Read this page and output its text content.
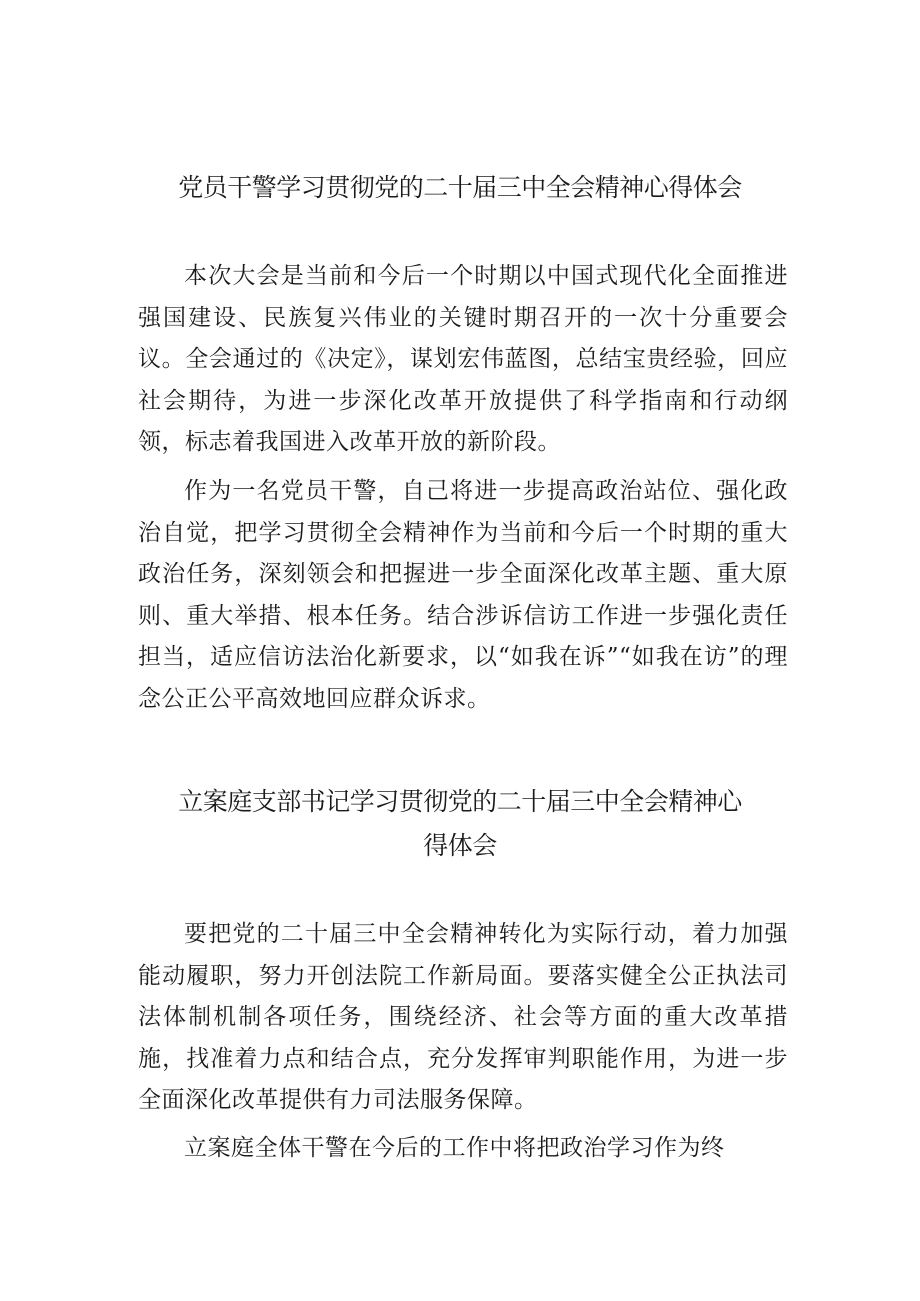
党员干警学习贯彻党的二十届三中全会精神心得体会

本次大会是当前和今后一个时期以中国式现代化全面推进强国建设、民族复兴伟业的关键时期召开的一次十分重要会议。全会通过的《决定》，谋划宏伟蓝图，总结宝贵经验，回应社会期待，为进一步深化改革开放提供了科学指南和行动纲领，标志着我国进入改革开放的新阶段。

作为一名党员干警，自己将进一步提高政治站位、强化政治自觉，把学习贯彻全会精神作为当前和今后一个时期的重大政治任务，深刻领会和把握进一步全面深化改革主题、重大原则、重大举措、根本任务。结合涉诉信访工作进一步强化责任担当，适应信访法治化新要求，以“如我在诉”“如我在访”的理念公正公平高效地回应群众诉求。

立案庭支部书记学习贯彻党的二十届三中全会精神心
得体会

要把党的二十届三中全会精神转化为实际行动，着力加强能动履职，努力开创法院工作新局面。要落实健全公正执法司法体制机制各项任务，围绕经济、社会等方面的重大改革措施，找准着力点和结合点，充分发挥审判职能作用，为进一步全面深化改革提供有力司法服务保障。

立案庭全体干警在今后的工作中将把政治学习作为终
